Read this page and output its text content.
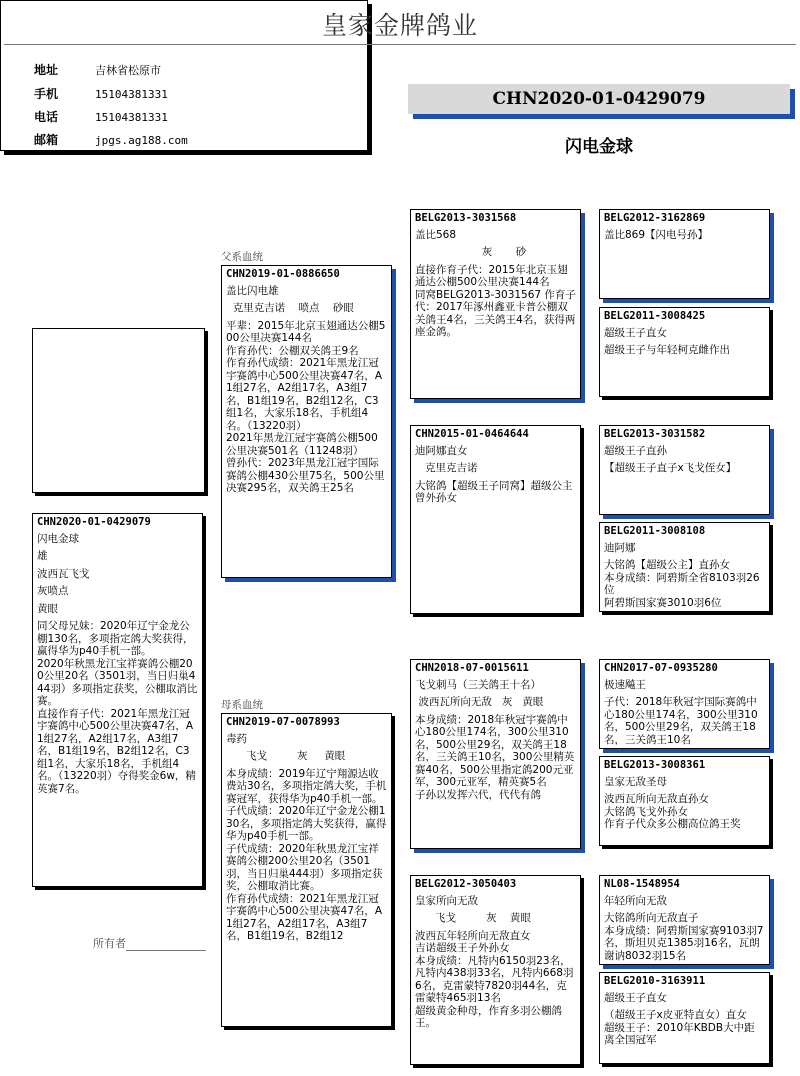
皇家金牌鸽业
地址	吉林省松原市
手机	15104381331
电话	15104381331
邮箱	jpgs.ag188.com
CHN2020-01-0429079
闪电金球
父系血统
母系血统
CHN2020-01-0429079
闪电金球
雄
波西瓦飞戈
灰喷点
黄眼
同父母兄妹：2020年辽宁金龙公棚130名，多项指定鸽大奖获得，赢得华为p40手机一部。
2020年秋黑龙江宝祥赛鸽公棚200公里20名（3501羽，当日归巢444羽）多项指定获奖，公棚取消比赛。
直接作育子代：2021年黑龙江冠宇赛鸽中心500公里决赛47名，A1组27名，A2组17名，A3组7名，B1组19名，B2组12名，C3组1名，大家乐18名，手机组4名。（13220羽）夺得奖金6w，精英赛7名。
CHN2019-01-0886650
盖比闪电雄
克里克吉诺    喷点    砂眼
平辈：2015年北京玉翅通达公棚500公里决赛144名
作育孙代：公棚双关鸽王9名
作育孙代成绩：2021年黑龙江冠宇赛鸽中心500公里决赛47名，A1组27名，A2组17名，A3组7名，B1组19名，B2组12名，C3组1名，大家乐18名，手机组4名。（13220羽）
2021年黑龙江冠宇赛鸽公棚500公里决赛501名（11248羽）
曾孙代：2023年黑龙江冠宇国际赛鸽公棚430公里75名，500公里决赛295名，双关鸽王25名
CHN2019-07-0078993
毒药
飞戈         灰     黄眼
本身成绩：2019年辽宁翔源达收费站30名，多项指定鸽大奖，手机赛冠军，获得华为p40手机一部。
子代成绩：2020年辽宁金龙公棚130名，多项指定鸽大奖获得，赢得华为p40手机一部。
子代成绩：2020年秋黑龙江宝祥赛鸽公棚200公里20名（3501羽，当日归巢444羽）多项指定获奖，公棚取消比赛。
作育孙代成绩：2021年黑龙江冠宇赛鸽中心500公里决赛47名，A1组27名，A2组17名，A3组7名，B1组19名，B2组12
BELG2013-3031568
盖比568
灰       砂
直接作育子代：2015年北京玉翅通达公棚500公里决赛144名
同窝BELG2013-3031567 作育子代：2017年涿州鑫亚卡普公棚双关鸽王4名，三关鸽王4名，获得两座金鸽。
CHN2015-01-0464644
迪阿娜直女
克里克吉诺
大铭鸽【超级王子同窝】超级公主曾外孙女
CHN2018-07-0015611
飞戈刺马（三关鸽王十名）
波西瓦所向无敌   灰   黄眼
本身成绩：2018年秋冠宇赛鸽中心180公里174名，300公里310名，500公里29名，双关鸽王18名，三关鸽王10名，300公里精英赛40名，500公里指定鸽200元亚军，300元亚军，精英赛5名
子孙以发挥六代，代代有鸽
BELG2012-3050403
皇家所向无敌
飞戈         灰    黄眼
波西瓦年轻所向无敌直女
吉诺超级王子外孙女
本身成绩：凡特内6150羽23名，凡特内438羽33名，凡特内668羽6名，克雷蒙特7820羽44名，克雷蒙特465羽13名
超级黄金种母，作育多羽公棚鸽王。
BELG2012-3162869
盖比869【闪电号孙】
BELG2011-3008425
超级王子直女
超级王子与年轻柯克雌作出
BELG2013-3031582
超级王子直孙
【超级王子直子x飞戈侄女】
BELG2011-3008108
迪阿娜
大铭鸽【超级公主】直孙女
本身成绩：阿碧斯全省8103羽26位
阿碧斯国家赛3010羽6位
CHN2017-07-0935280
极速飚王
子代：2018年秋冠宇国际赛鸽中心180公里174名，300公里310名，500公里29名，双关鸽王18名，三关鸽王10名
BELG2013-3008361
皇家无敌圣母
波西瓦所向无敌直孙女
大铭鸽飞戈外孙女
作育子代众多公棚高位鸽王奖
NL08-1548954
年轻所向无敌
大铭鸽所向无敌直子
本身成绩：阿碧斯国家赛9103羽7名，斯坦贝克1385羽16名，瓦朗谢讷8032羽15名
BELG2010-3163911
超级王子直女
（超级王子x皮亚特直女）直女
超级王子：2010年KBDB大中距离全国冠军
所有者
